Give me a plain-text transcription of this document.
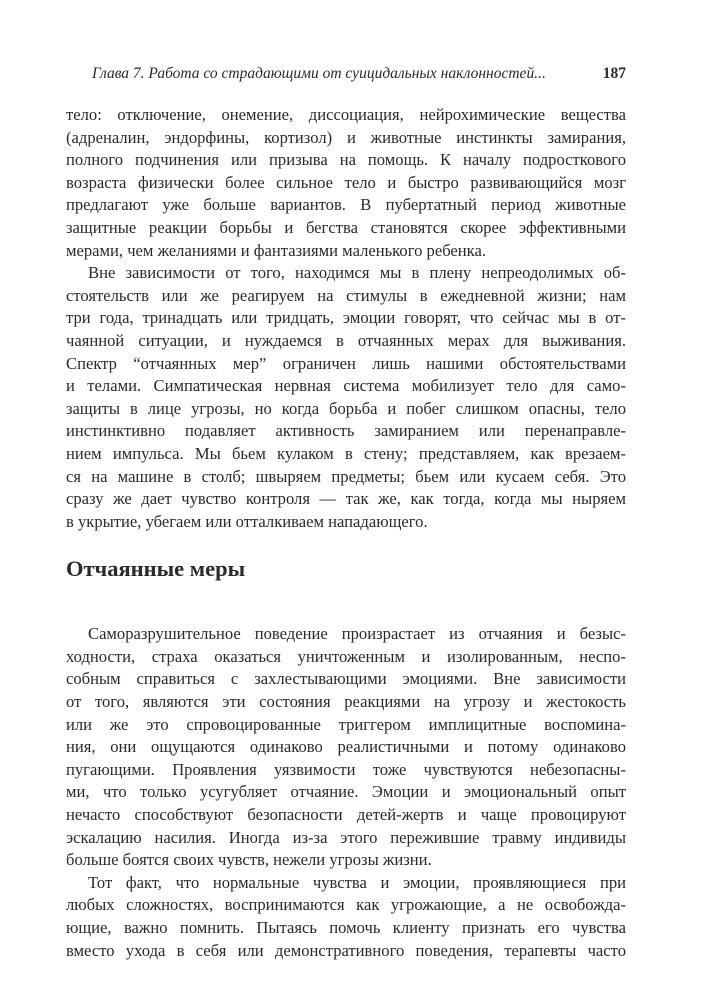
Глава 7. Работа со страдающими от суицидальных наклонностей...	187
тело: отключение, онемение, диссоциация, нейрохимические вещества
(адреналин, эндорфины, кортизол) и животные инстинкты замирания,
полного подчинения или призыва на помощь. К началу подросткового
возраста физически более сильное тело и быстро развивающийся мозг
предлагают уже больше вариантов. В пубертатный период животные
защитные реакции борьбы и бегства становятся скорее эффективными
мерами, чем желаниями и фантазиями маленького ребенка.
Вне зависимости от того, находимся мы в плену непреодолимых об-
стоятельств или же реагируем на стимулы в ежедневной жизни; нам
три года, тринадцать или тридцать, эмоции говорят, что сейчас мы в от-
чаянной ситуации, и нуждаемся в отчаянных мерах для выживания.
Спектр “отчаянных мер” ограничен лишь нашими обстоятельствами
и телами. Симпатическая нервная система мобилизует тело для само-
защиты в лице угрозы, но когда борьба и побег слишком опасны, тело
инстинктивно подавляет активность замиранием или перенаправле-
нием импульса. Мы бьем кулаком в стену; представляем, как врезаем-
ся на машине в столб; швыряем предметы; бьем или кусаем себя. Это
сразу же дает чувство контроля — так же, как тогда, когда мы ныряем
в укрытие, убегаем или отталкиваем нападающего.
Отчаянные меры
Саморазрушительное поведение произрастает из отчаяния и безыс-
ходности, страха оказаться уничтоженным и изолированным, неспо-
собным справиться с захлестывающими эмоциями. Вне зависимости
от того, являются эти состояния реакциями на угрозу и жестокость
или же это спровоцированные триггером имплицитные воспомина-
ния, они ощущаются одинаково реалистичными и потому одинаково
пугающими. Проявления уязвимости тоже чувствуются небезопасны-
ми, что только усугубляет отчаяние. Эмоции и эмоциональный опыт
нечасто способствуют безопасности детей-жертв и чаще провоцируют
эскалацию насилия. Иногда из-за этого пережившие травму индивиды
больше боятся своих чувств, нежели угрозы жизни.
Тот факт, что нормальные чувства и эмоции, проявляющиеся при
любых сложностях, воспринимаются как угрожающие, а не освобожда-
ющие, важно помнить. Пытаясь помочь клиенту признать его чувства
вместо ухода в себя или демонстративного поведения, терапевты часто
